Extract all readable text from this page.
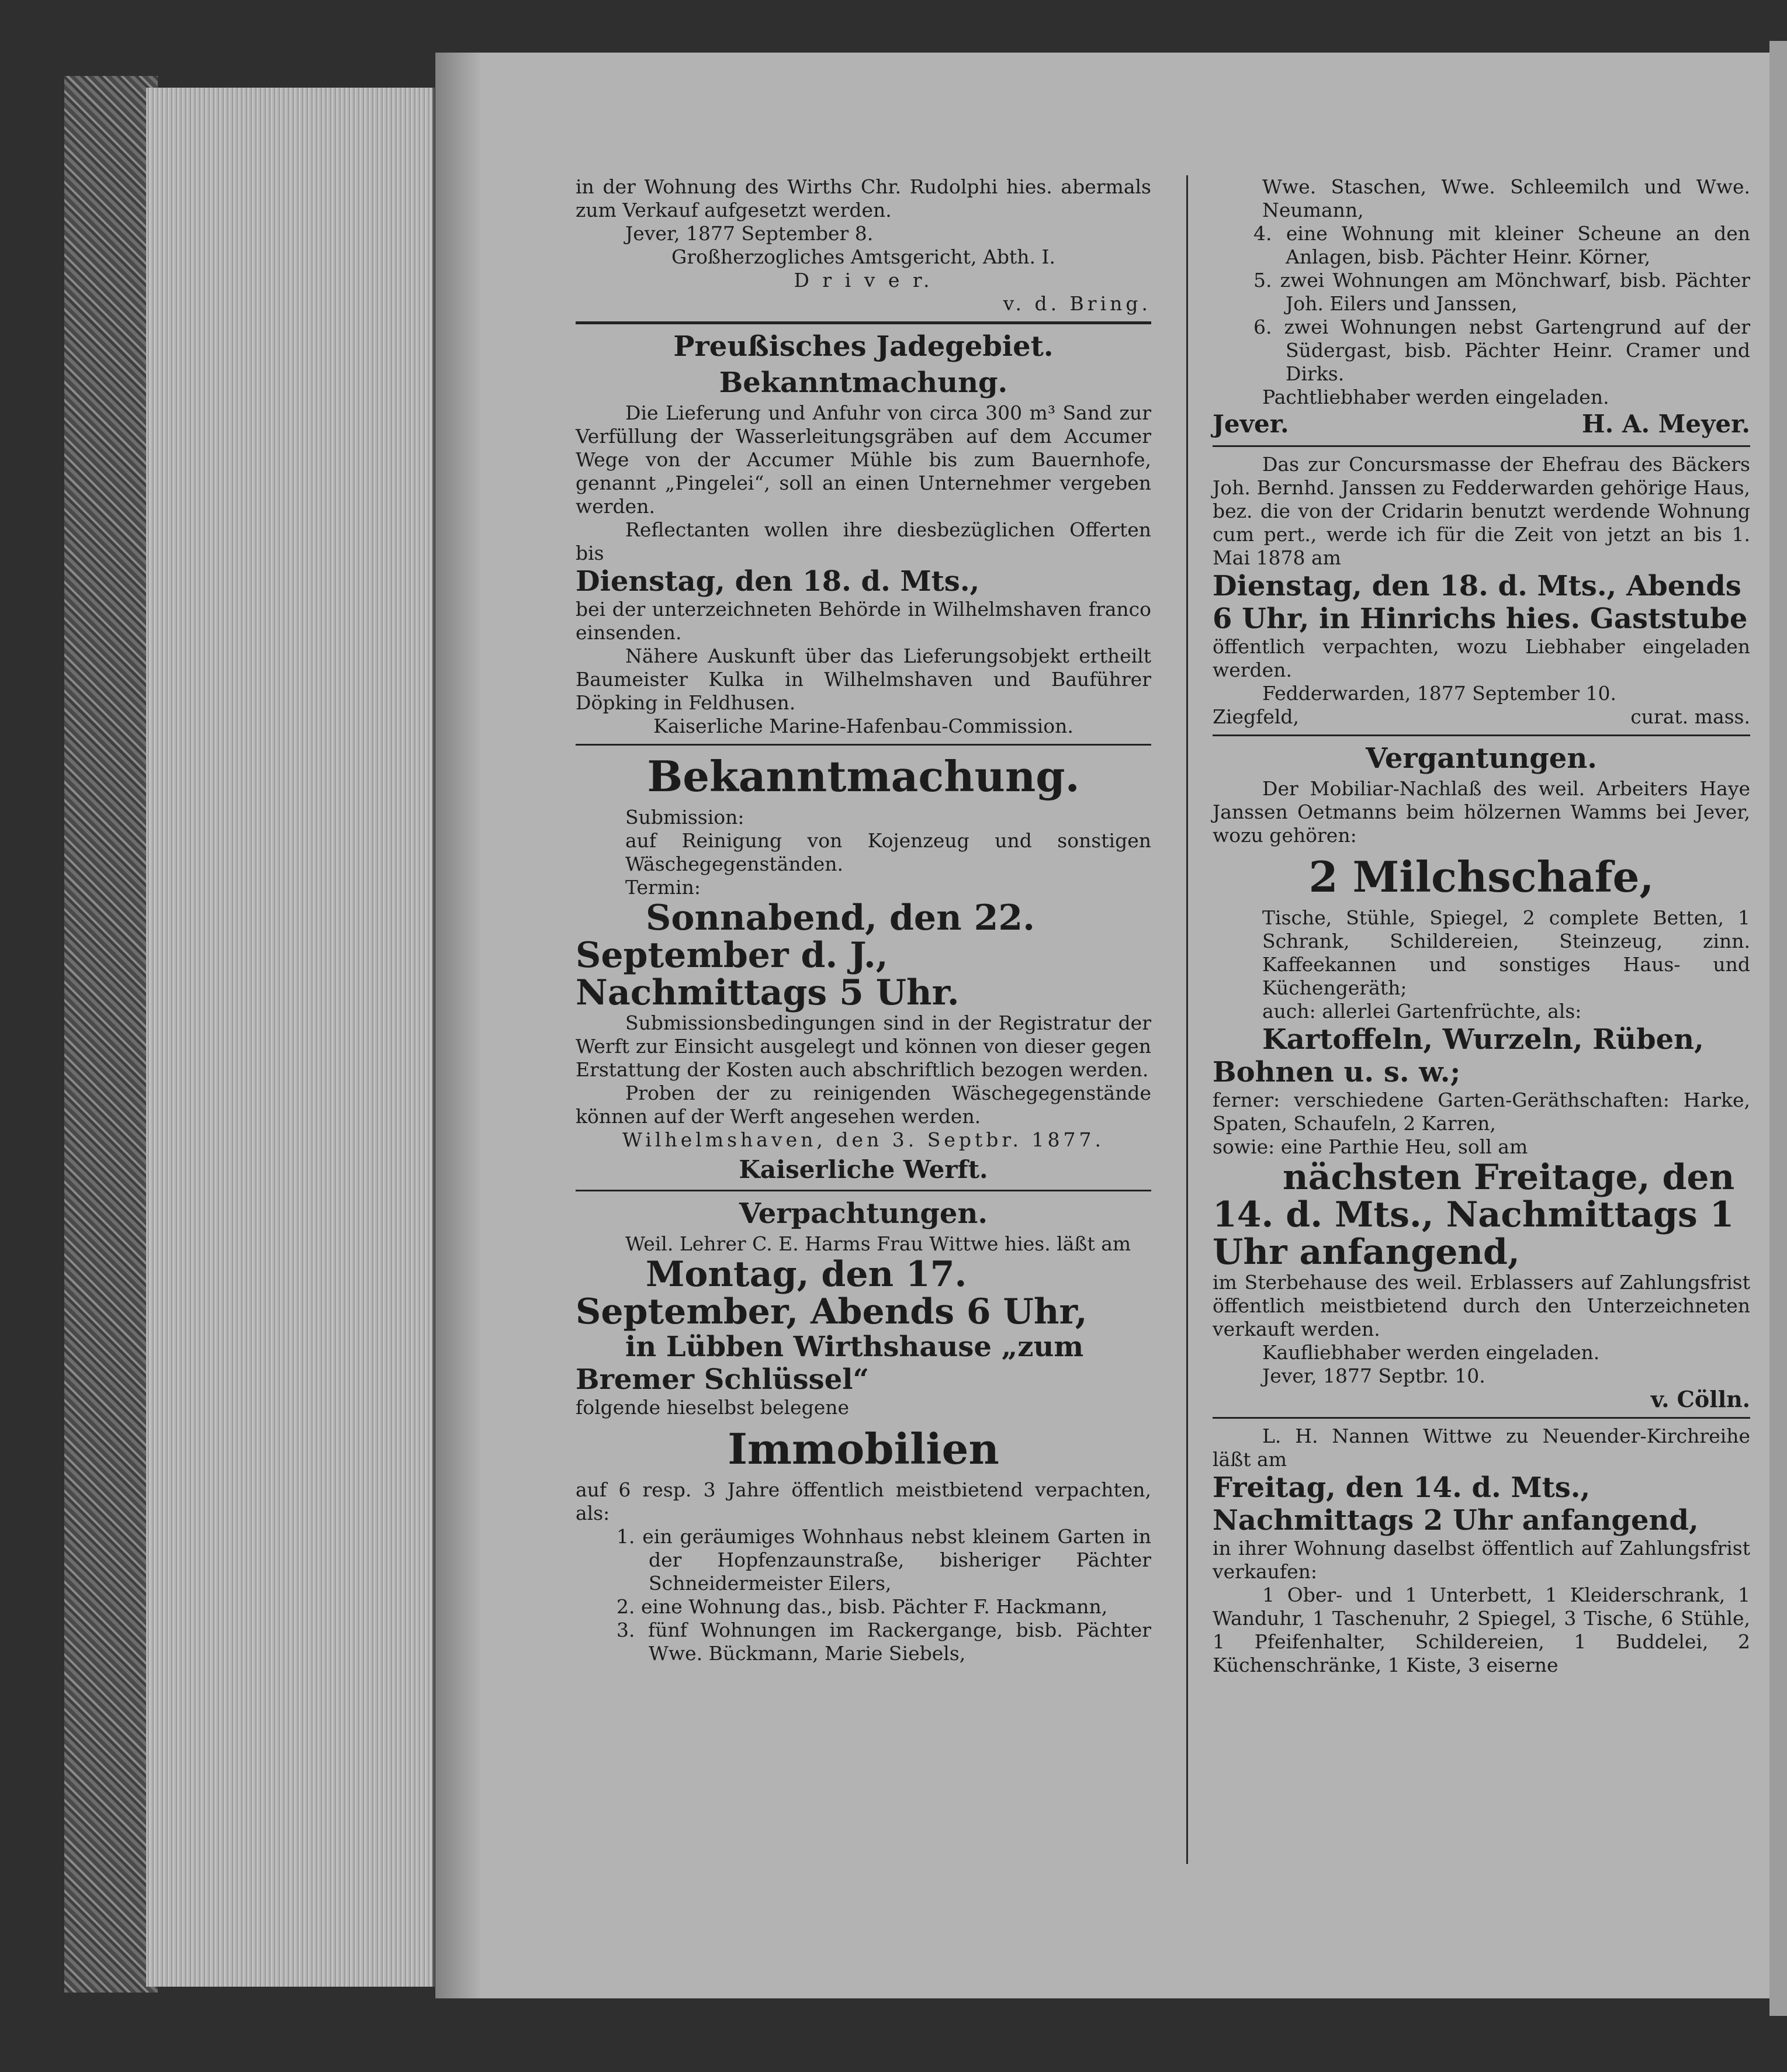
in der Wohnung des Wirths Chr. Rudolphi hies. abermals zum Verkauf aufgesetzt werden.

Jever, 1877 September 8.

Großherzogliches Amtsgericht, Abth. I.

D r i v e r.

v. d. Bring.

Preußisches Jadegebiet.
Bekanntmachung.

Die Lieferung und Anfuhr von circa 300 m³ Sand zur Verfüllung der Wasserleitungsgräben auf dem Accumer Wege von der Accumer Mühle bis zum Bauernhofe, genannt „Pingelei“, soll an einen Unternehmer vergeben werden.

Reflectanten wollen ihre diesbezüglichen Offerten bis

Dienstag, den 18. d. Mts.,

bei der unterzeichneten Behörde in Wilhelmshaven franco einsenden.

Nähere Auskunft über das Lieferungsobjekt ertheilt Baumeister Kulka in Wilhelmshaven und Bauführer Döpking in Feldhusen.

Kaiserliche Marine-Hafenbau-Commission.

Bekanntmachung.

Submission:

auf Reinigung von Kojenzeug und sonstigen Wäschegegenständen.

Termin:

Sonnabend, den 22. September d. J., Nachmittags 5 Uhr.

Submissionsbedingungen sind in der Registratur der Werft zur Einsicht ausgelegt und können von dieser gegen Erstattung der Kosten auch abschriftlich bezogen werden.

Proben der zu reinigenden Wäschegegenstände können auf der Werft angesehen werden.

Wilhelmshaven, den 3. Septbr. 1877.

Kaiserliche Werft.
Verpachtungen.

Weil. Lehrer C. E. Harms Frau Wittwe hies. läßt am

Montag, den 17. September, Abends 6 Uhr,

in Lübben Wirthshause „zum Bremer Schlüssel“

folgende hieselbst belegene

Immobilien

auf 6 resp. 3 Jahre öffentlich meistbietend verpachten, als:

1. ein geräumiges Wohnhaus nebst kleinem Garten in der Hopfenzaunstraße, bisheriger Pächter Schneidermeister Eilers,

2. eine Wohnung das., bisb. Pächter F. Hackmann,

3. fünf Wohnungen im Rackergange, bisb. Pächter Wwe. Bückmann, Marie Siebels,

Wwe. Staschen, Wwe. Schleemilch und Wwe. Neumann,

4. eine Wohnung mit kleiner Scheune an den Anlagen, bisb. Pächter Heinr. Körner,

5. zwei Wohnungen am Mönchwarf, bisb. Pächter Joh. Eilers und Janssen,

6. zwei Wohnungen nebst Gartengrund auf der Südergast, bisb. Pächter Heinr. Cramer und Dirks.

Pachtliebhaber werden eingeladen.

Jever.	H. A. Meyer.

Das zur Concursmasse der Ehefrau des Bäckers Joh. Bernhd. Janssen zu Fedderwarden gehörige Haus, bez. die von der Cridarin benutzt werdende Wohnung cum pert., werde ich für die Zeit von jetzt an bis 1. Mai 1878 am

Dienstag, den 18. d. Mts., Abends 6 Uhr, in Hinrichs hies. Gaststube

öffentlich verpachten, wozu Liebhaber eingeladen werden.

Fedderwarden, 1877 September 10.

Ziegfeld,	curat. mass.

Vergantungen.

Der Mobiliar-Nachlaß des weil. Arbeiters Haye Janssen Oetmanns beim hölzernen Wamms bei Jever, wozu gehören:

2 Milchschafe,

Tische, Stühle, Spiegel, 2 complete Betten, 1 Schrank, Schildereien, Steinzeug, zinn. Kaffeekannen und sonstiges Haus- und Küchengeräth;

auch: allerlei Gartenfrüchte, als:

Kartoffeln, Wurzeln, Rüben, Bohnen u. s. w.;

ferner: verschiedene Garten-Geräthschaften: Harke, Spaten, Schaufeln, 2 Karren,

sowie: eine Parthie Heu, soll am

nächsten Freitage, den 14. d. Mts., Nachmittags 1 Uhr anfangend,

im Sterbehause des weil. Erblassers auf Zahlungsfrist öffentlich meistbietend durch den Unterzeichneten verkauft werden.

Kaufliebhaber werden eingeladen.

Jever, 1877 Septbr. 10.

v. Cölln.

L. H. Nannen Wittwe zu Neuender-Kirchreihe läßt am

Freitag, den 14. d. Mts., Nachmittags 2 Uhr anfangend,

in ihrer Wohnung daselbst öffentlich auf Zahlungsfrist verkaufen:

1 Ober- und 1 Unterbett, 1 Kleiderschrank, 1 Wanduhr, 1 Taschenuhr, 2 Spiegel, 3 Tische, 6 Stühle, 1 Pfeifenhalter, Schildereien, 1 Buddelei, 2 Küchenschränke, 1 Kiste, 3 eiserne
